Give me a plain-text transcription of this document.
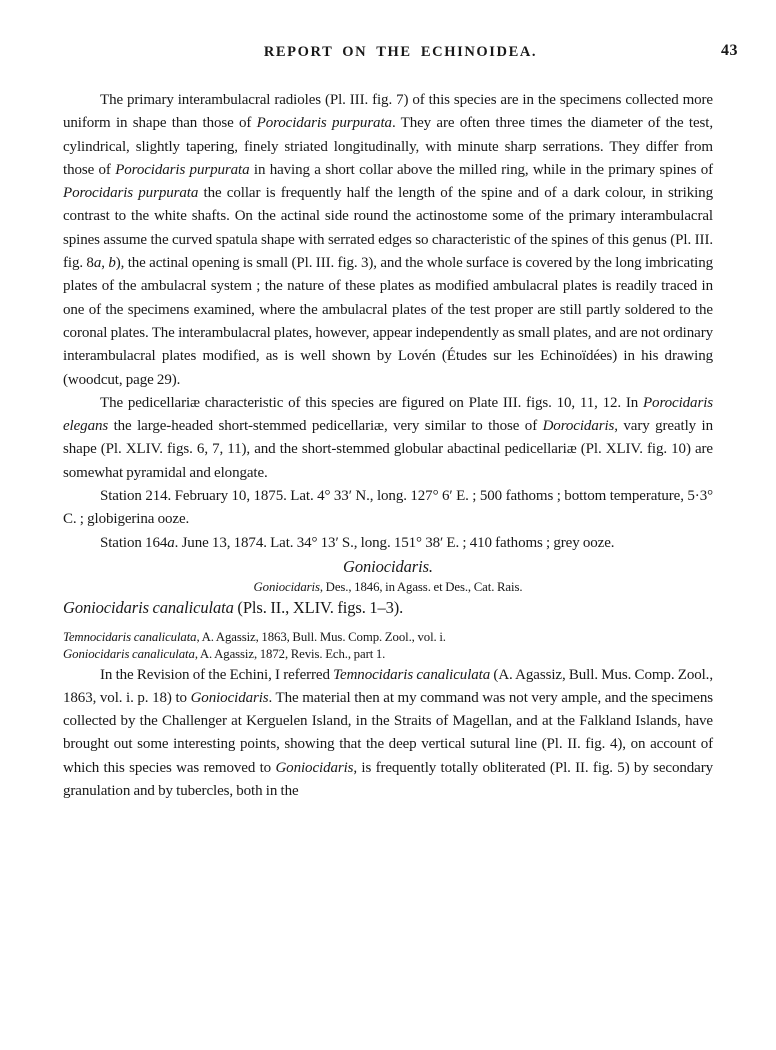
REPORT ON THE ECHINOIDEA.	43

The primary interambulacral radioles (Pl. III. fig. 7) of this species are in the specimens collected more uniform in shape than those of Porocidaris purpurata. They are often three times the diameter of the test, cylindrical, slightly tapering, finely striated longitudinally, with minute sharp serrations. They differ from those of Porocidaris purpurata in having a short collar above the milled ring, while in the primary spines of Porocidaris purpurata the collar is frequently half the length of the spine and of a dark colour, in striking contrast to the white shafts. On the actinal side round the actinostome some of the primary interambulacral spines assume the curved spatula shape with serrated edges so characteristic of the spines of this genus (Pl. III. fig. 8a, b), the actinal opening is small (Pl. III. fig. 3), and the whole surface is covered by the long imbricating plates of the ambulacral system ; the nature of these plates as modified ambulacral plates is readily traced in one of the specimens examined, where the ambulacral plates of the test proper are still partly soldered to the coronal plates. The interambulacral plates, however, appear independently as small plates, and are not ordinary interambulacral plates modified, as is well shown by Lovén (Études sur les Echinoïdées) in his drawing (woodcut, page 29).

The pedicellariæ characteristic of this species are figured on Plate III. figs. 10, 11, 12. In Porocidaris elegans the large-headed short-stemmed pedicellariæ, very similar to those of Dorocidaris, vary greatly in shape (Pl. XLIV. figs. 6, 7, 11), and the short-stemmed globular abactinal pedicellariæ (Pl. XLIV. fig. 10) are somewhat pyramidal and elongate.

Station 214. February 10, 1875. Lat. 4° 33′ N., long. 127° 6′ E. ; 500 fathoms ; bottom temperature, 5·3° C. ; globigerina ooze.

Station 164a. June 13, 1874. Lat. 34° 13′ S., long. 151° 38′ E. ; 410 fathoms ; grey ooze.

Goniocidaris.

Goniocidaris, Des., 1846, in Agass. et Des., Cat. Rais.

Goniocidaris canaliculata (Pls. II., XLIV. figs. 1–3).

Temnocidaris canaliculata, A. Agassiz, 1863, Bull. Mus. Comp. Zool., vol. i.

Goniocidaris canaliculata, A. Agassiz, 1872, Revis. Ech., part 1.

In the Revision of the Echini, I referred Temnocidaris canaliculata (A. Agassiz, Bull. Mus. Comp. Zool., 1863, vol. i. p. 18) to Goniocidaris. The material then at my command was not very ample, and the specimens collected by the Challenger at Kerguelen Island, in the Straits of Magellan, and at the Falkland Islands, have brought out some interesting points, showing that the deep vertical sutural line (Pl. II. fig. 4), on account of which this species was removed to Goniocidaris, is frequently totally obliterated (Pl. II. fig. 5) by secondary granulation and by tubercles, both in the
